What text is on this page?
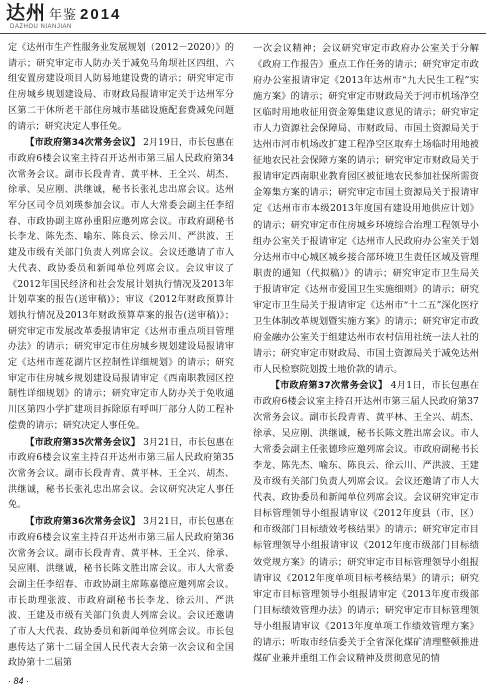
达州 年鉴 2014
DAZHOU NIANJIAN

定《达州市生产性服务业发展规划（2012－2020）》的请示；研究审定市人防办关于减免马角坝社区四组、六组安置房建设项目人防易地建设费的请示；研究审定市住房城乡规划建设局、市财政局报请审定关于达州军分区第二干休所老干部住房城市基础设施配套费减免问题的请示；研究决定人事任免。

【市政府第34次常务会议】 2月19日，市长包惠在市政府6楼会议室主持召开达州市第三届人民政府第34次常务会议。副市长段青青、黄平林、王全兴、胡杰、徐承、吴应刚、洪继诚，秘书长张礼忠出席会议。达州军分区司令员刘瑛参加会议。市人大常委会副主任李绍春、市政协副主席孙重阳应邀列席会议。市政府副秘书长李龙、陈先杰、喻东、陈良云、徐云川、严洪波、王建及市级有关部门负责人列席会议。会议还邀请了市人大代表、政协委员和新闻单位列席会议。会议审议了《2012年国民经济和社会发展计划执行情况及2013年计划草案的报告(送审稿)》；审议《2012年财政预算计划执行情况及2013年财政预算草案的报告(送审稿)》；研究审定市发展改革委报请审定《达州市重点项目管理办法》的请示；研究审定市住房城乡规划建设局报请审定《达州市莲花湖片区控制性详细规划》的请示；研究审定市住房城乡规划建设局报请审定《西南职教园区控制性详细规划》的请示；研究审定市人防办关于免收通川区第四小学扩建项目拆除原有呼叫厂部分人防工程补偿费的请示；研究决定人事任免。

【市政府第35次常务会议】 3月21日，市长包惠在市政府6楼会议室主持召开达州市第三届人民政府第35次常务会议。副市长段青青、黄平林、王全兴、胡杰、洪继诚，秘书长张礼忠出席会议。会议研究决定人事任免。

【市政府第36次常务会议】 3月21日，市长包惠在市政府6楼会议室主持召开达州市第三届人民政府第36次常务会议。副市长段青青、黄平林、王全兴、徐承、吴应刚、洪继诚，秘书长陈文胜出席会议。市人大常委会副主任李绍春、市政协副主席陈嘉德应邀列席会议。市长助理张波、市政府副秘书长李龙、徐云川、严洪波、王建及市级有关部门负责人列席会议。会议还邀请了市人大代表、政协委员和新闻单位列席会议。市长包惠传达了第十二届全国人民代表大会第一次会议和全国政协第十二届第

一次会议精神；会议研究审定市政府办公室关于分解《政府工作报告》重点工作任务的请示；研究审定市政府办公室报请审定《2013年达州市“九大民生工程”实施方案》的请示；研究审定市财政局关于河市机场净空区临时用地收征用资金筹集建议意见的请示；研究审定市人力资源社会保障局、市财政局、市国土资源局关于达州市河市机场改扩建工程净空区取弃土场临时用地被征地农民社会保障方案的请示；研究审定市财政局关于报请审定西南职业教育园区被征地农民参加社保所需资金筹集方案的请示；研究审定市国土资源局关于报请审定《达州市市本级2013年度国有建设用地供应计划》的请示；研究审定市住房城乡环境综合治理工程领导小组办公室关于报请审定《达州市人民政府办公室关于划分达州市中心城区城乡接合部环境卫生责任区域及管理职责的通知（代拟稿）》的请示；研究审定市卫生局关于报请审定《达州市爱国卫生实施细则》的请示；研究审定市卫生局关于报请审定《达州市“十二五”深化医疗卫生体制改革规划暨实施方案》的请示；研究审定市政府金融办公室关于组建达州市农村信用社统一法人社的请示；研究审定市财政局、市国土资源局关于减免达州市人民检察院划拨土地价款的请示。

【市政府第37次常务会议】 4月1日，市长包惠在市政府6楼会议室主持召开达州市第三届人民政府第37次常务会议。副市长段青青、黄平林、王全兴、胡杰、徐承、吴应刚、洪继诚，秘书长陈文胜出席会议。市人大常委会副主任张德珍应邀列席会议。市政府副秘书长李龙、陈先杰、喻东、陈良云、徐云川、严洪波、王建及市级有关部门负责人列席会议。会议还邀请了市人大代表、政协委员和新闻单位列席会议。会议研究审定市目标管理领导小组报请审议《2012年度县（市、区）和市级部门目标绩效考核结果》的请示；研究审定市目标管理领导小组报请审议《2012年度市级部门目标绩效党规方案》的请示；研究审定市目标管理领导小组报请审议《2012年度单项目标考核结果》的请示；研究审定市目标管理领导小组报请审定《2013年度市级部门目标绩效管理办法》的请示；研究审定市目标管理领导小组报请审议《2013年度单项工作绩效管理方案》的请示；听取市经信委关于全省深化煤矿清理整顿推进煤矿业兼并重组工作会议精神及贯彻意见的情

· 84 ·
